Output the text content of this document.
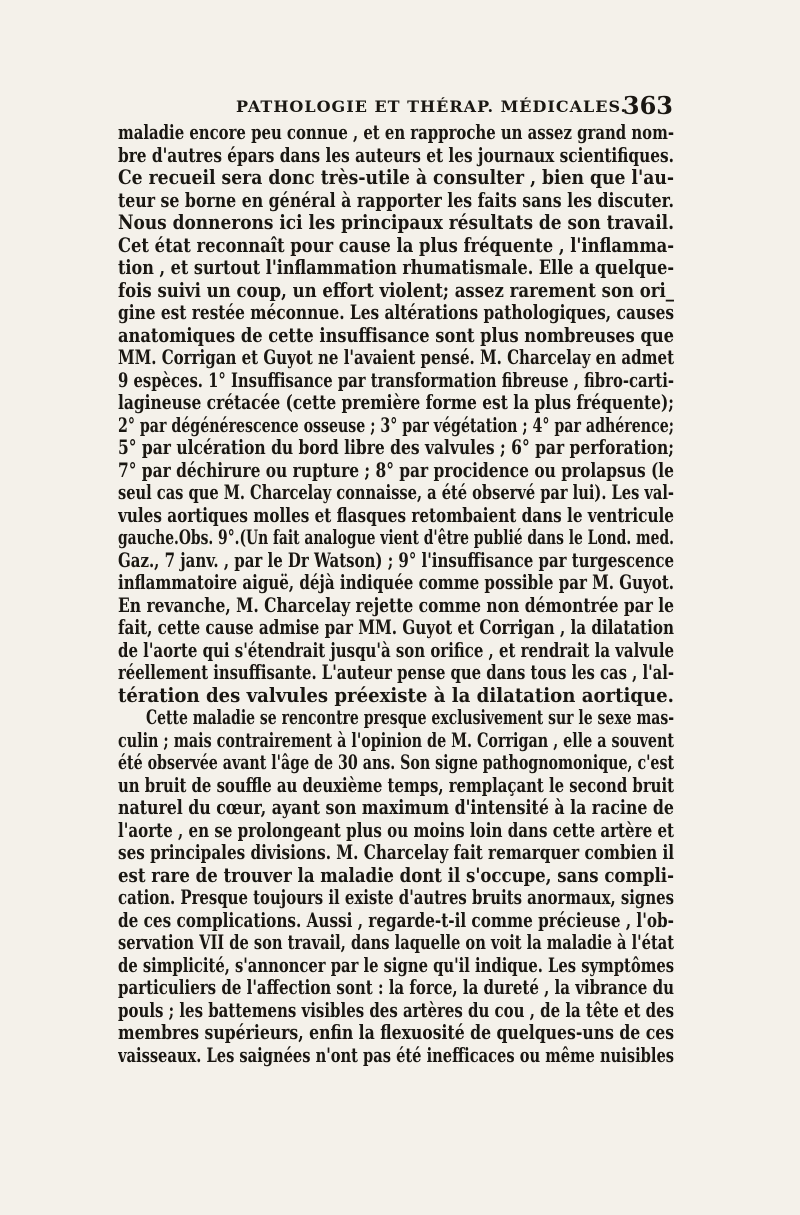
PATHOLOGIE ET THÉRAP. MÉDICALES.
363
maladie encore peu connue , et en rapproche un assez grand nom-
bre d'autres épars dans les auteurs et les journaux scientifiques.
Ce recueil sera donc très-utile à consulter , bien que l'au-
teur se borne en général à rapporter les faits sans les discuter.
Nous donnerons ici les principaux résultats de son travail.
Cet état reconnaît pour cause la plus fréquente , l'inflamma-
tion , et surtout l'inflammation rhumatismale. Elle a quelque-
fois suivi un coup, un effort violent; assez rarement son ori_
gine est restée méconnue. Les altérations pathologiques, causes
anatomiques de cette insuffisance sont plus nombreuses que
MM. Corrigan et Guyot ne l'avaient pensé. M. Charcelay en admet
9 espèces. 1° Insuffisance par transformation fibreuse , fibro-carti-
lagineuse crétacée (cette première forme est la plus fréquente);
2° par dégénérescence osseuse ; 3° par végétation ; 4° par adhérence;
5° par ulcération du bord libre des valvules ; 6° par perforation;
7° par déchirure ou rupture ; 8° par procidence ou prolapsus (le
seul cas que M. Charcelay connaisse, a été observé par lui). Les val-
vules aortiques molles et flasques retombaient dans le ventricule
gauche.Obs. 9°.(Un fait analogue vient d'être publié dans le Lond. med.
Gaz., 7 janv. , par le Dr Watson) ; 9° l'insuffisance par turgescence
inflammatoire aiguë, déjà indiquée comme possible par M. Guyot.
En revanche, M. Charcelay rejette comme non démontrée par le
fait, cette cause admise par MM. Guyot et Corrigan , la dilatation
de l'aorte qui s'étendrait jusqu'à son orifice , et rendrait la valvule
réellement insuffisante. L'auteur pense que dans tous les cas , l'al-
tération des valvules préexiste à la dilatation aortique.
Cette maladie se rencontre presque exclusivement sur le sexe mas-
culin ; mais contrairement à l'opinion de M. Corrigan , elle a souvent
été observée avant l'âge de 30 ans. Son signe pathognomonique, c'est
un bruit de souffle au deuxième temps, remplaçant le second bruit
naturel du cœur, ayant son maximum d'intensité à la racine de
l'aorte , en se prolongeant plus ou moins loin dans cette artère et
ses principales divisions. M. Charcelay fait remarquer combien il
est rare de trouver la maladie dont il s'occupe, sans compli-
cation. Presque toujours il existe d'autres bruits anormaux, signes
de ces complications. Aussi , regarde-t-il comme précieuse , l'ob-
servation VII de son travail, dans laquelle on voit la maladie à l'état
de simplicité, s'annoncer par le signe qu'il indique. Les symptômes
particuliers de l'affection sont : la force, la dureté , la vibrance du
pouls ; les battemens visibles des artères du cou , de la tête et des
membres supérieurs, enfin la flexuosité de quelques-uns de ces
vaisseaux. Les saignées n'ont pas été inefficaces ou même nuisibles
